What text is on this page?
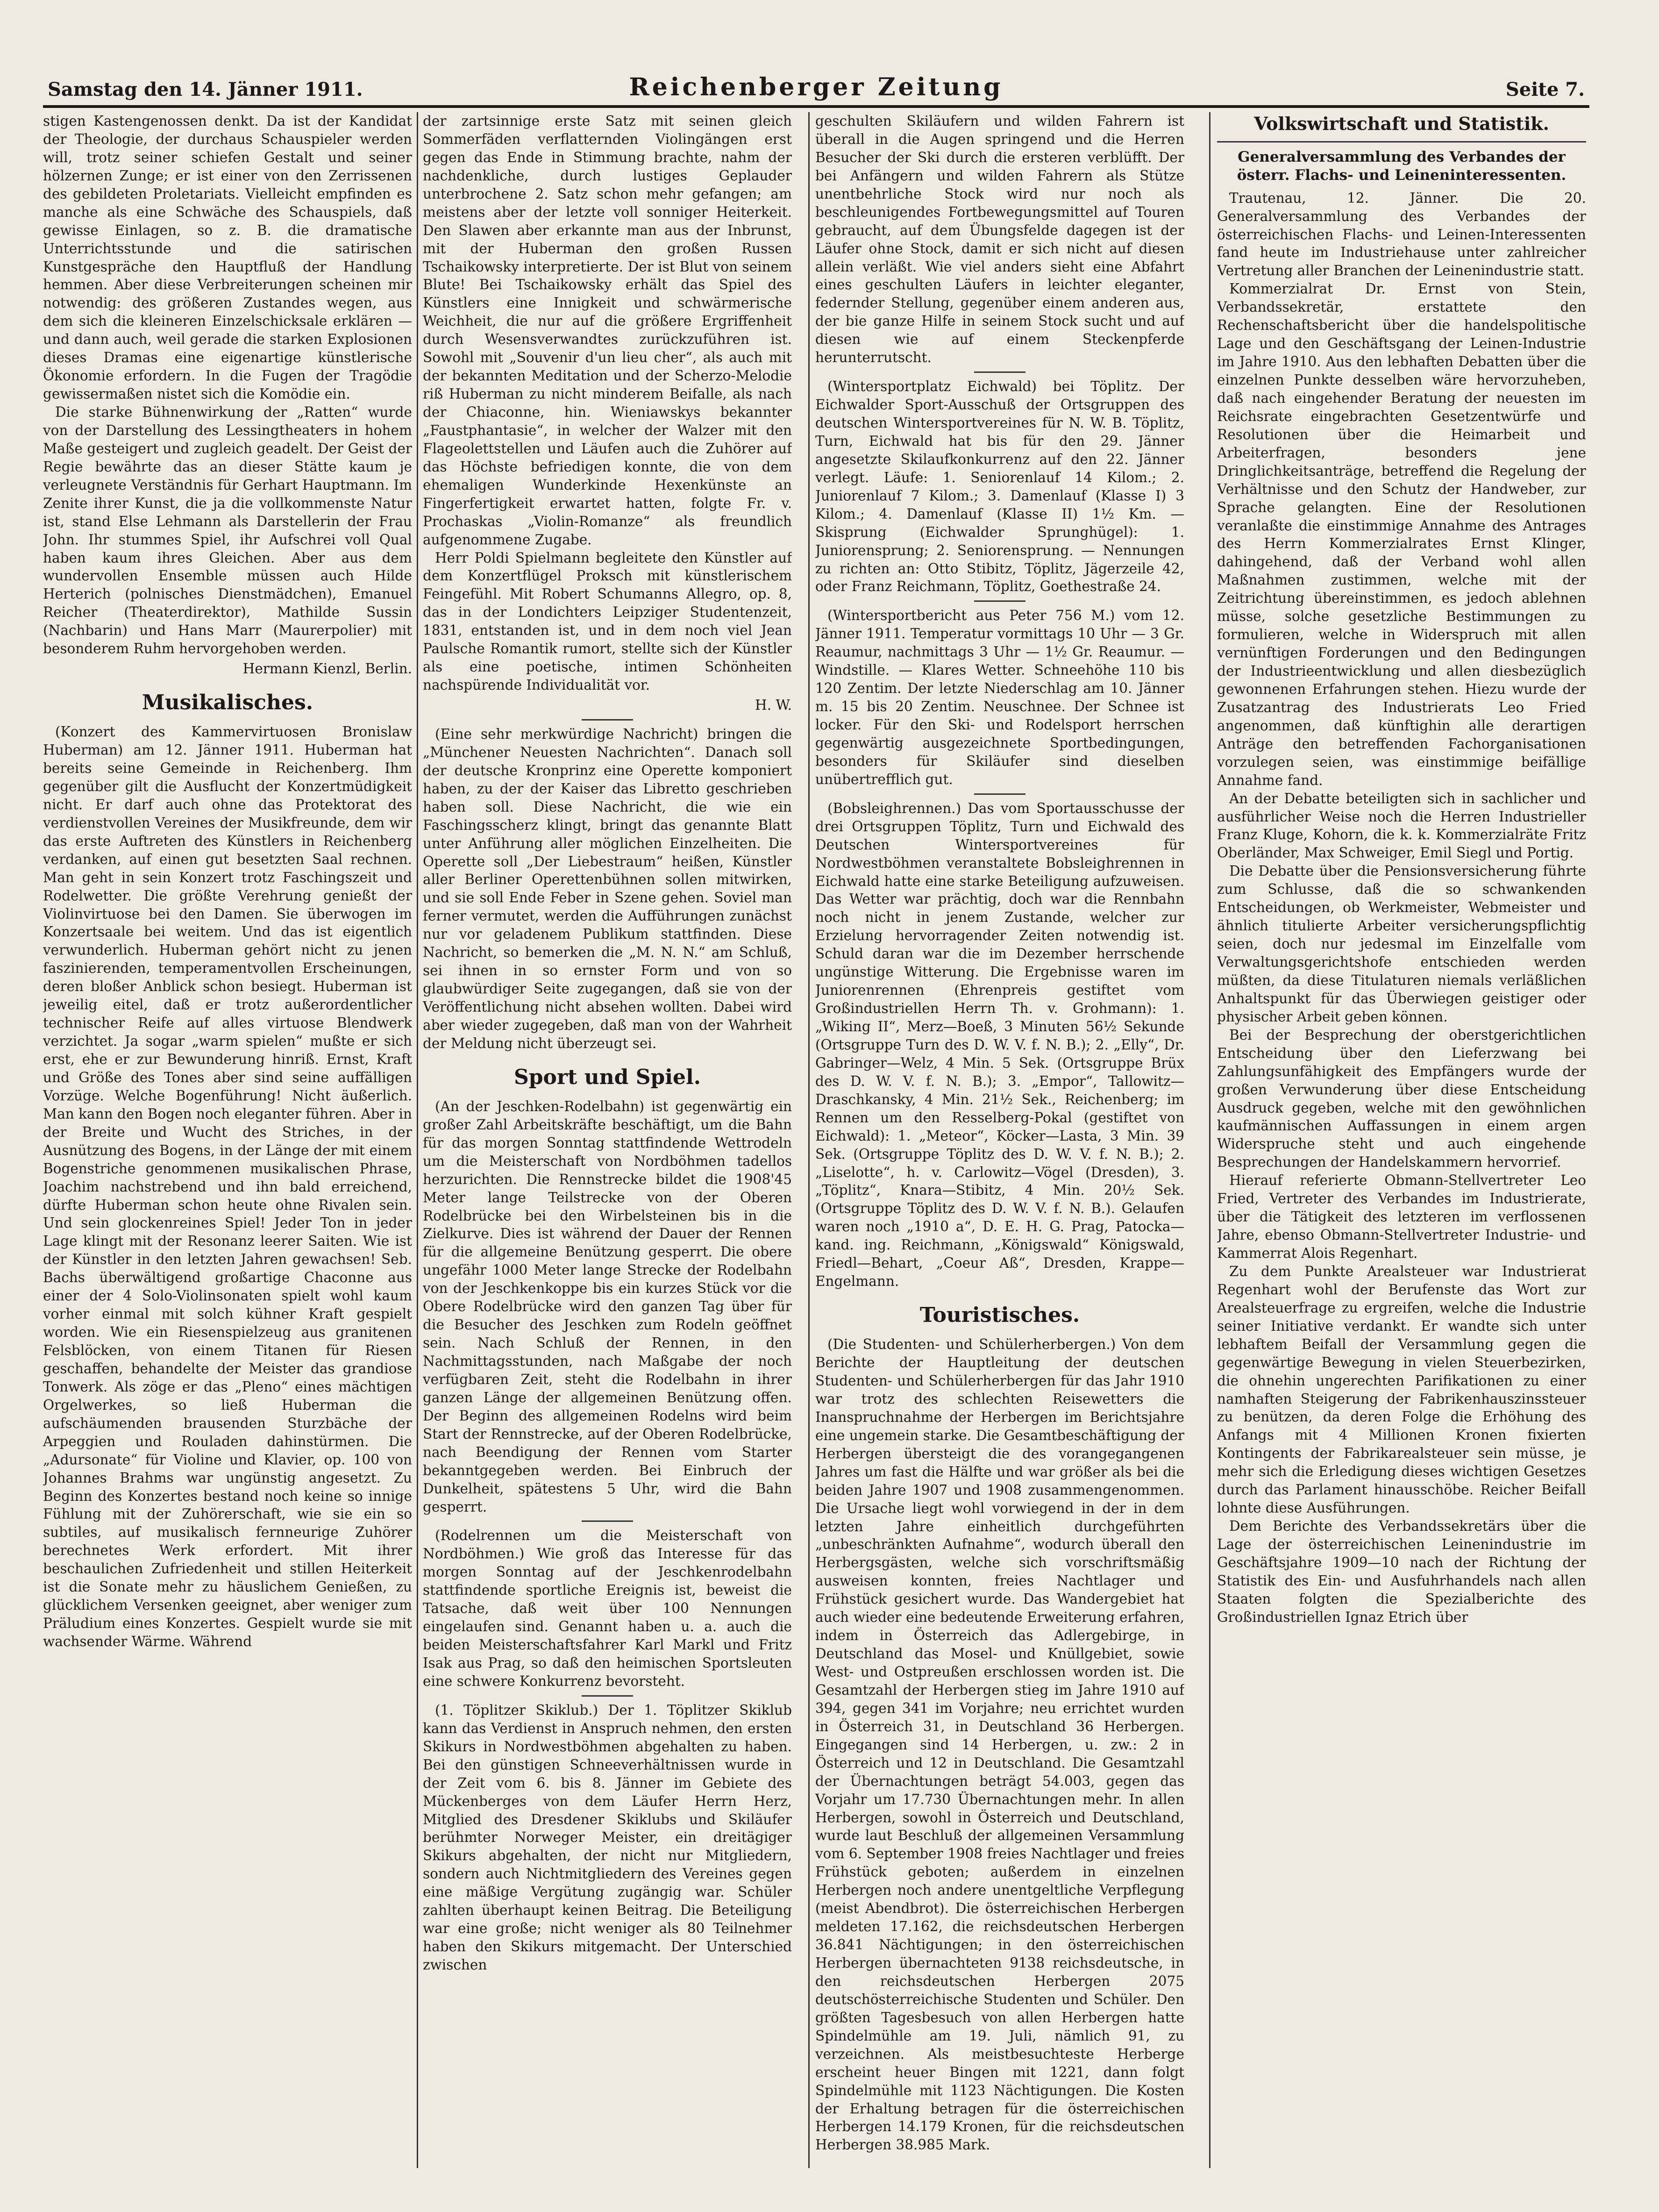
Samstag den 14. Jänner 1911.	Reichenberger Zeitung	Seite 7.

stigen Kastengenossen denkt. Da ist der Kandidat der Theologie, der durchaus Schauspieler werden will, trotz seiner schiefen Gestalt und seiner hölzernen Zunge; er ist einer von den Zerrissenen des gebildeten Proletariats. Vielleicht empfinden es manche als eine Schwäche des Schauspiels, daß gewisse Einlagen, so z. B. die dramatische Unterrichtsstunde und die satirischen Kunstgespräche den Hauptfluß der Handlung hemmen. Aber diese Verbreiterungen scheinen mir notwendig: des größeren Zustandes wegen, aus dem sich die kleineren Einzelschicksale erklären — und dann auch, weil gerade die starken Explosionen dieses Dramas eine eigenartige künstlerische Ökonomie erfordern. In die Fugen der Tragödie gewissermaßen nistet sich die Komödie ein.

Die starke Bühnenwirkung der „Ratten“ wurde von der Darstellung des Lessingtheaters in hohem Maße gesteigert und zugleich geadelt. Der Geist der Regie bewährte das an dieser Stätte kaum je verleugnete Verständnis für Gerhart Hauptmann. Im Zenite ihrer Kunst, die ja die vollkommenste Natur ist, stand Else Lehmann als Darstellerin der Frau John. Ihr stummes Spiel, ihr Aufschrei voll Qual haben kaum ihres Gleichen. Aber aus dem wundervollen Ensemble müssen auch Hilde Herterich (polnisches Dienstmädchen), Emanuel Reicher (Theaterdirektor), Mathilde Sussin (Nachbarin) und Hans Marr (Maurerpolier) mit besonderem Ruhm hervorgehoben werden.

Hermann Kienzl, Berlin.
Musikalisches.

(Konzert des Kammervirtuosen Bronislaw Huberman) am 12. Jänner 1911. Huberman hat bereits seine Gemeinde in Reichenberg. Ihm gegenüber gilt die Ausflucht der Konzertmüdigkeit nicht. Er darf auch ohne das Protektorat des verdienstvollen Vereines der Musikfreunde, dem wir das erste Auftreten des Künstlers in Reichenberg verdanken, auf einen gut besetzten Saal rechnen. Man geht in sein Konzert trotz Faschingszeit und Rodelwetter. Die größte Verehrung genießt der Violinvirtuose bei den Damen. Sie überwogen im Konzertsaale bei weitem. Und das ist eigentlich verwunderlich. Huberman gehört nicht zu jenen faszinierenden, temperamentvollen Erscheinungen, deren bloßer Anblick schon besiegt. Huberman ist jeweilig eitel, daß er trotz außerordentlicher technischer Reife auf alles virtuose Blendwerk verzichtet. Ja sogar „warm spielen“ mußte er sich erst, ehe er zur Bewunderung hinriß. Ernst, Kraft und Größe des Tones aber sind seine auffälligen Vorzüge. Welche Bogenführung! Nicht äußerlich. Man kann den Bogen noch eleganter führen. Aber in der Breite und Wucht des Striches, in der Ausnützung des Bogens, in der Länge der mit einem Bogenstriche genommenen musikalischen Phrase, Joachim nachstrebend und ihn bald erreichend, dürfte Huberman schon heute ohne Rivalen sein. Und sein glockenreines Spiel! Jeder Ton in jeder Lage klingt mit der Resonanz leerer Saiten. Wie ist der Künstler in den letzten Jahren gewachsen! Seb. Bachs überwältigend großartige Chaconne aus einer der 4 Solo-Violinsonaten spielt wohl kaum vorher einmal mit solch kühner Kraft gespielt worden. Wie ein Riesenspielzeug aus granitenen Felsblöcken, von einem Titanen für Riesen geschaffen, behandelte der Meister das grandiose Tonwerk. Als zöge er das „Pleno“ eines mächtigen Orgelwerkes, so ließ Huberman die aufschäumenden brausenden Sturzbäche der Arpeggien und Rouladen dahinstürmen. Die „Adursonate“ für Violine und Klavier, op. 100 von Johannes Brahms war ungünstig angesetzt. Zu Beginn des Konzertes bestand noch keine so innige Fühlung mit der Zuhörerschaft, wie sie ein so subtiles, auf musikalisch fernneurige Zuhörer berechnetes Werk erfordert. Mit ihrer beschaulichen Zufriedenheit und stillen Heiterkeit ist die Sonate mehr zu häuslichem Genießen, zu glücklichem Versenken geeignet, aber weniger zum Präludium eines Konzertes. Gespielt wurde sie mit wachsender Wärme. Während

der zartsinnige erste Satz mit seinen gleich Sommerfäden verflatternden Violingängen erst gegen das Ende in Stimmung brachte, nahm der nachdenkliche, durch lustiges Geplauder unterbrochene 2. Satz schon mehr gefangen; am meistens aber der letzte voll sonniger Heiterkeit. Den Slawen aber erkannte man aus der Inbrunst, mit der Huberman den großen Russen Tschaikowsky interpretierte. Der ist Blut von seinem Blute! Bei Tschaikowsky erhält das Spiel des Künstlers eine Innigkeit und schwärmerische Weichheit, die nur auf die größere Ergriffenheit durch Wesensverwandtes zurückzuführen ist. Sowohl mit „Souvenir d'un lieu cher“, als auch mit der bekannten Meditation und der Scherzo-Melodie riß Huberman zu nicht minderem Beifalle, als nach der Chiaconne, hin. Wieniawskys bekannter „Faustphantasie“, in welcher der Walzer mit den Flageolettstellen und Läufen auch die Zuhörer auf das Höchste befriedigen konnte, die von dem ehemaligen Wunderkinde Hexenkünste an Fingerfertigkeit erwartet hatten, folgte Fr. v. Prochaskas „Violin-Romanze“ als freundlich aufgenommene Zugabe.

Herr Poldi Spielmann begleitete den Künstler auf dem Konzertflügel Proksch mit künstlerischem Feingefühl. Mit Robert Schumanns Allegro, op. 8, das in der Londichters Leipziger Studentenzeit, 1831, entstanden ist, und in dem noch viel Jean Paulsche Romantik rumort, stellte sich der Künstler als eine poetische, intimen Schönheiten nachspürende Individualität vor.

H. W.

(Eine sehr merkwürdige Nachricht) bringen die „Münchener Neuesten Nachrichten“. Danach soll der deutsche Kronprinz eine Operette komponiert haben, zu der der Kaiser das Libretto geschrieben haben soll. Diese Nachricht, die wie ein Faschingsscherz klingt, bringt das genannte Blatt unter Anführung aller möglichen Einzelheiten. Die Operette soll „Der Liebestraum“ heißen, Künstler aller Berliner Operettenbühnen sollen mitwirken, und sie soll Ende Feber in Szene gehen. Soviel man ferner vermutet, werden die Aufführungen zunächst nur vor geladenem Publikum stattfinden. Diese Nachricht, so bemerken die „M. N. N.“ am Schluß, sei ihnen in so ernster Form und von so glaubwürdiger Seite zugegangen, daß sie von der Veröffentlichung nicht absehen wollten. Dabei wird aber wieder zugegeben, daß man von der Wahrheit der Meldung nicht überzeugt sei.

Sport und Spiel.

(An der Jeschken-Rodelbahn) ist gegenwärtig ein großer Zahl Arbeitskräfte beschäftigt, um die Bahn für das morgen Sonntag stattfindende Wettrodeln um die Meisterschaft von Nordböhmen tadellos herzurichten. Die Rennstrecke bildet die 1908'45 Meter lange Teilstrecke von der Oberen Rodelbrücke bei den Wirbelsteinen bis in die Zielkurve. Dies ist während der Dauer der Rennen für die allgemeine Benützung gesperrt. Die obere ungefähr 1000 Meter lange Strecke der Rodelbahn von der Jeschkenkoppe bis ein kurzes Stück vor die Obere Rodelbrücke wird den ganzen Tag über für die Besucher des Jeschken zum Rodeln geöffnet sein. Nach Schluß der Rennen, in den Nachmittagsstunden, nach Maßgabe der noch verfügbaren Zeit, steht die Rodelbahn in ihrer ganzen Länge der allgemeinen Benützung offen. Der Beginn des allgemeinen Rodelns wird beim Start der Rennstrecke, auf der Oberen Rodelbrücke, nach Beendigung der Rennen vom Starter bekanntgegeben werden. Bei Einbruch der Dunkelheit, spätestens 5 Uhr, wird die Bahn gesperrt.

(Rodelrennen um die Meisterschaft von Nordböhmen.) Wie groß das Interesse für das morgen Sonntag auf der Jeschkenrodelbahn stattfindende sportliche Ereignis ist, beweist die Tatsache, daß weit über 100 Nennungen eingelaufen sind. Genannt haben u. a. auch die beiden Meisterschaftsfahrer Karl Markl und Fritz Isak aus Prag, so daß den heimischen Sportsleuten eine schwere Konkurrenz bevorsteht.

(1. Töplitzer Skiklub.) Der 1. Töplitzer Skiklub kann das Verdienst in Anspruch nehmen, den ersten Skikurs in Nordwestböhmen abgehalten zu haben. Bei den günstigen Schneeverhältnissen wurde in der Zeit vom 6. bis 8. Jänner im Gebiete des Mückenberges von dem Läufer Herrn Herz, Mitglied des Dresdener Skiklubs und Skiläufer berühmter Norweger Meister, ein dreitägiger Skikurs abgehalten, der nicht nur Mitgliedern, sondern auch Nichtmitgliedern des Vereines gegen eine mäßige Vergütung zugängig war. Schüler zahlten überhaupt keinen Beitrag. Die Beteiligung war eine große; nicht weniger als 80 Teilnehmer haben den Skikurs mitgemacht. Der Unterschied zwischen

geschulten Skiläufern und wilden Fahrern ist überall in die Augen springend und die Herren Besucher der Ski durch die ersteren verblüfft. Der bei Anfängern und wilden Fahrern als Stütze unentbehrliche Stock wird nur noch als beschleunigendes Fortbewegungsmittel auf Touren gebraucht, auf dem Übungsfelde dagegen ist der Läufer ohne Stock, damit er sich nicht auf diesen allein verläßt. Wie viel anders sieht eine Abfahrt eines geschulten Läufers in leichter eleganter, federnder Stellung, gegenüber einem anderen aus, der bie ganze Hilfe in seinem Stock sucht und auf diesen wie auf einem Steckenpferde herunterrutscht.

(Wintersportplatz Eichwald) bei Töplitz. Der Eichwalder Sport-Ausschuß der Ortsgruppen des deutschen Wintersportvereines für N. W. B. Töplitz, Turn, Eichwald hat bis für den 29. Jänner angesetzte Skilaufkonkurrenz auf den 22. Jänner verlegt. Läufe: 1. Seniorenlauf 14 Kilom.; 2. Juniorenlauf 7 Kilom.; 3. Damenlauf (Klasse I) 3 Kilom.; 4. Damenlauf (Klasse II) 1½ Km. — Skisprung (Eichwalder Sprunghügel): 1. Juniorensprung; 2. Seniorensprung. — Nennungen zu richten an: Otto Stibitz, Töplitz, Jägerzeile 42, oder Franz Reichmann, Töplitz, Goethestraße 24.

(Wintersportbericht aus Peter 756 M.) vom 12. Jänner 1911. Temperatur vormittags 10 Uhr — 3 Gr. Reaumur, nachmittags 3 Uhr — 1½ Gr. Reaumur. — Windstille. — Klares Wetter. Schneehöhe 110 bis 120 Zentim. Der letzte Niederschlag am 10. Jänner m. 15 bis 20 Zentim. Neuschnee. Der Schnee ist locker. Für den Ski- und Rodelsport herrschen gegenwärtig ausgezeichnete Sportbedingungen, besonders für Skiläufer sind dieselben unübertrefflich gut.

(Bobsleighrennen.) Das vom Sportausschusse der drei Ortsgruppen Töplitz, Turn und Eichwald des Deutschen Wintersportvereines für Nordwestböhmen veranstaltete Bobsleighrennen in Eichwald hatte eine starke Beteiligung aufzuweisen. Das Wetter war prächtig, doch war die Rennbahn noch nicht in jenem Zustande, welcher zur Erzielung hervorragender Zeiten notwendig ist. Schuld daran war die im Dezember herrschende ungünstige Witterung. Die Ergebnisse waren im Juniorenrennen (Ehrenpreis gestiftet vom Großindustriellen Herrn Th. v. Grohmann): 1. „Wiking II“, Merz—Boeß, 3 Minuten 56½ Sekunde (Ortsgruppe Turn des D. W. V. f. N. B.); 2. „Elly“, Dr. Gabringer—Welz, 4 Min. 5 Sek. (Ortsgruppe Brüx des D. W. V. f. N. B.); 3. „Empor“, Tallowitz—Draschkansky, 4 Min. 21½ Sek., Reichenberg; im Rennen um den Resselberg-Pokal (gestiftet von Eichwald): 1. „Meteor“, Köcker—Lasta, 3 Min. 39 Sek. (Ortsgruppe Töplitz des D. W. V. f. N. B.); 2. „Liselotte“, h. v. Carlowitz—Vögel (Dresden), 3. „Töplitz“, Knara—Stibitz, 4 Min. 20½ Sek. (Ortsgruppe Töplitz des D. W. V. f. N. B.). Gelaufen waren noch „1910 a“, D. E. H. G. Prag, Patocka—kand. ing. Reichmann, „Königswald“ Königswald, Friedl—Behart, „Coeur Aß“, Dresden, Krappe—Engelmann.

Touristisches.

(Die Studenten- und Schülerherbergen.) Von dem Berichte der Hauptleitung der deutschen Studenten- und Schülerherbergen für das Jahr 1910 war trotz des schlechten Reisewetters die Inanspruchnahme der Herbergen im Berichtsjahre eine ungemein starke. Die Gesamtbeschäftigung der Herbergen übersteigt die des vorangegangenen Jahres um fast die Hälfte und war größer als bei die beiden Jahre 1907 und 1908 zusammengenommen. Die Ursache liegt wohl vorwiegend in der in dem letzten Jahre einheitlich durchgeführten „unbeschränkten Aufnahme“, wodurch überall den Herbergsgästen, welche sich vorschriftsmäßig ausweisen konnten, freies Nachtlager und Frühstück gesichert wurde. Das Wandergebiet hat auch wieder eine bedeutende Erweiterung erfahren, indem in Österreich das Adlergebirge, in Deutschland das Mosel- und Knüllgebiet, sowie West- und Ostpreußen erschlossen worden ist. Die Gesamtzahl der Herbergen stieg im Jahre 1910 auf 394, gegen 341 im Vorjahre; neu errichtet wurden in Österreich 31, in Deutschland 36 Herbergen. Eingegangen sind 14 Herbergen, u. zw.: 2 in Österreich und 12 in Deutschland. Die Gesamtzahl der Übernachtungen beträgt 54.003, gegen das Vorjahr um 17.730 Übernachtungen mehr. In allen Herbergen, sowohl in Österreich und Deutschland, wurde laut Beschluß der allgemeinen Versammlung vom 6. September 1908 freies Nachtlager und freies Frühstück geboten; außerdem in einzelnen Herbergen noch andere unentgeltliche Verpflegung (meist Abendbrot). Die österreichischen Herbergen meldeten 17.162, die reichsdeutschen Herbergen 36.841 Nächtigungen; in den österreichischen Herbergen übernachteten 9138 reichsdeutsche, in den reichsdeutschen Herbergen 2075 deutschösterreichische Studenten und Schüler. Den größten Tagesbesuch von allen Herbergen hatte Spindelmühle am 19. Juli, nämlich 91, zu verzeichnen. Als meistbesuchteste Herberge erscheint heuer Bingen mit 1221, dann folgt Spindelmühle mit 1123 Nächtigungen. Die Kosten der Erhaltung betragen für die österreichischen Herbergen 14.179 Kronen, für die reichsdeutschen Herbergen 38.985 Mark.

Volkswirtschaft und Statistik.
Generalversammlung des Verbandes der österr. Flachs- und Leineninteressenten.

Trautenau, 12. Jänner. Die 20. Generalversammlung des Verbandes der österreichischen Flachs- und Leinen-Interessenten fand heute im Industriehause unter zahlreicher Vertretung aller Branchen der Leinenindustrie statt.

Kommerzialrat Dr. Ernst von Stein, Verbandssekretär, erstattete den Rechenschaftsbericht über die handelspolitische Lage und den Geschäftsgang der Leinen-Industrie im Jahre 1910. Aus den lebhaften Debatten über die einzelnen Punkte desselben wäre hervorzuheben, daß nach eingehender Beratung der neuesten im Reichsrate eingebrachten Gesetzentwürfe und Resolutionen über die Heimarbeit und Arbeiterfragen, besonders jene Dringlichkeitsanträge, betreffend die Regelung der Verhältnisse und den Schutz der Handweber, zur Sprache gelangten. Eine der Resolutionen veranlaßte die einstimmige Annahme des Antrages des Herrn Kommerzialrates Ernst Klinger, dahingehend, daß der Verband wohl allen Maßnahmen zustimmen, welche mit der Zeitrichtung übereinstimmen, es jedoch ablehnen müsse, solche gesetzliche Bestimmungen zu formulieren, welche in Widerspruch mit allen vernünftigen Forderungen und den Bedingungen der Industrieentwicklung und allen diesbezüglich gewonnenen Erfahrungen stehen. Hiezu wurde der Zusatzantrag des Industrierats Leo Fried angenommen, daß künftighin alle derartigen Anträge den betreffenden Fachorganisationen vorzulegen seien, was einstimmige beifällige Annahme fand.

An der Debatte beteiligten sich in sachlicher und ausführlicher Weise noch die Herren Industrieller Franz Kluge, Kohorn, die k. k. Kommerzialräte Fritz Oberländer, Max Schweiger, Emil Siegl und Portig.

Die Debatte über die Pensionsversicherung führte zum Schlusse, daß die so schwankenden Entscheidungen, ob Werkmeister, Webmeister und ähnlich titulierte Arbeiter versicherungspflichtig seien, doch nur jedesmal im Einzelfalle vom Verwaltungsgerichtshofe entschieden werden müßten, da diese Titulaturen niemals verläßlichen Anhaltspunkt für das Überwiegen geistiger oder physischer Arbeit geben können.

Bei der Besprechung der oberstgerichtlichen Entscheidung über den Lieferzwang bei Zahlungsunfähigkeit des Empfängers wurde der großen Verwunderung über diese Entscheidung Ausdruck gegeben, welche mit den gewöhnlichen kaufmännischen Auffassungen in einem argen Widerspruche steht und auch eingehende Besprechungen der Handelskammern hervorrief.

Hierauf referierte Obmann-Stellvertreter Leo Fried, Vertreter des Verbandes im Industrierate, über die Tätigkeit des letzteren im verflossenen Jahre, ebenso Obmann-Stellvertreter Industrie- und Kammerrat Alois Regenhart.

Zu dem Punkte Arealsteuer war Industrierat Regenhart wohl der Berufenste das Wort zur Arealsteuerfrage zu ergreifen, welche die Industrie seiner Initiative verdankt. Er wandte sich unter lebhaftem Beifall der Versammlung gegen die gegenwärtige Bewegung in vielen Steuerbezirken, die ohnehin ungerechten Parifikationen zu einer namhaften Steigerung der Fabrikenhauszinssteuer zu benützen, da deren Folge die Erhöhung des Anfangs mit 4 Millionen Kronen fixierten Kontingents der Fabrikarealsteuer sein müsse, je mehr sich die Erledigung dieses wichtigen Gesetzes durch das Parlament hinausschöbe. Reicher Beifall lohnte diese Ausführungen.

Dem Berichte des Verbandssekretärs über die Lage der österreichischen Leinenindustrie im Geschäftsjahre 1909—10 nach der Richtung der Statistik des Ein- und Ausfuhrhandels nach allen Staaten folgten die Spezialberichte des Großindustriellen Ignaz Etrich über
